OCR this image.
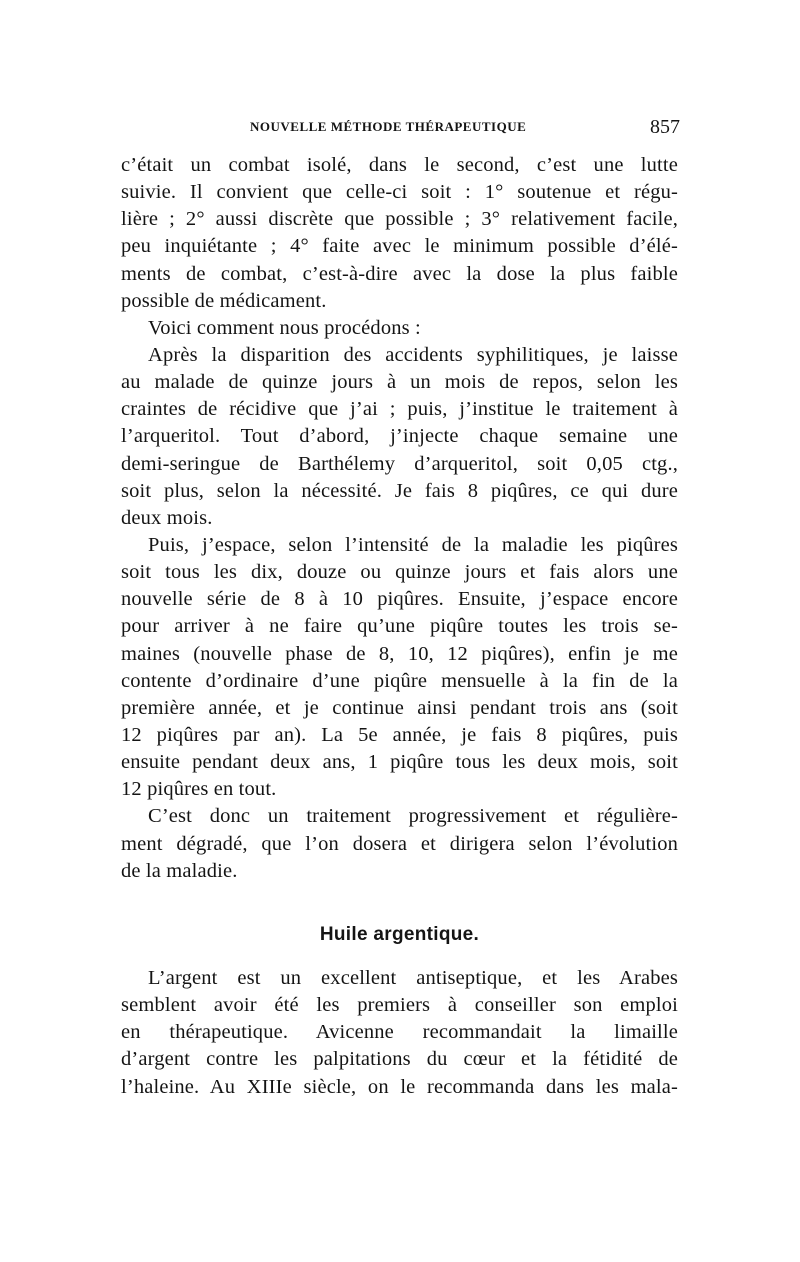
NOUVELLE MÉTHODE THÉRAPEUTIQUE	857
c’était un combat isolé, dans le second, c’est une lutte
suivie. Il convient que celle-ci soit : 1° soutenue et régu-
lière ; 2° aussi discrète que possible ; 3° relativement facile,
peu inquiétante ; 4° faite avec le minimum possible d’élé-
ments de combat, c’est-à-dire avec la dose la plus faible
possible de médicament.
Voici comment nous procédons :
Après la disparition des accidents syphilitiques, je laisse
au malade de quinze jours à un mois de repos, selon les
craintes de récidive que j’ai ; puis, j’institue le traitement à
l’arqueritol. Tout d’abord, j’injecte chaque semaine une
demi-seringue de Barthélemy d’arqueritol, soit 0,05 ctg.,
soit plus, selon la nécessité. Je fais 8 piqûres, ce qui dure
deux mois.
Puis, j’espace, selon l’intensité de la maladie les piqûres
soit tous les dix, douze ou quinze jours et fais alors une
nouvelle série de 8 à 10 piqûres. Ensuite, j’espace encore
pour arriver à ne faire qu’une piqûre toutes les trois se-
maines (nouvelle phase de 8, 10, 12 piqûres), enfin je me
contente d’ordinaire d’une piqûre mensuelle à la fin de la
première année, et je continue ainsi pendant trois ans (soit
12 piqûres par an). La 5e année, je fais 8 piqûres, puis
ensuite pendant deux ans, 1 piqûre tous les deux mois, soit
12 piqûres en tout.
C’est donc un traitement progressivement et régulière-
ment dégradé, que l’on dosera et dirigera selon l’évolution
de la maladie.
Huile argentique.
L’argent est un excellent antiseptique, et les Arabes
semblent avoir été les premiers à conseiller son emploi
en thérapeutique. Avicenne recommandait la limaille
d’argent contre les palpitations du cœur et la fétidité de
l’haleine. Au XIIIe siècle, on le recommanda dans les mala-
